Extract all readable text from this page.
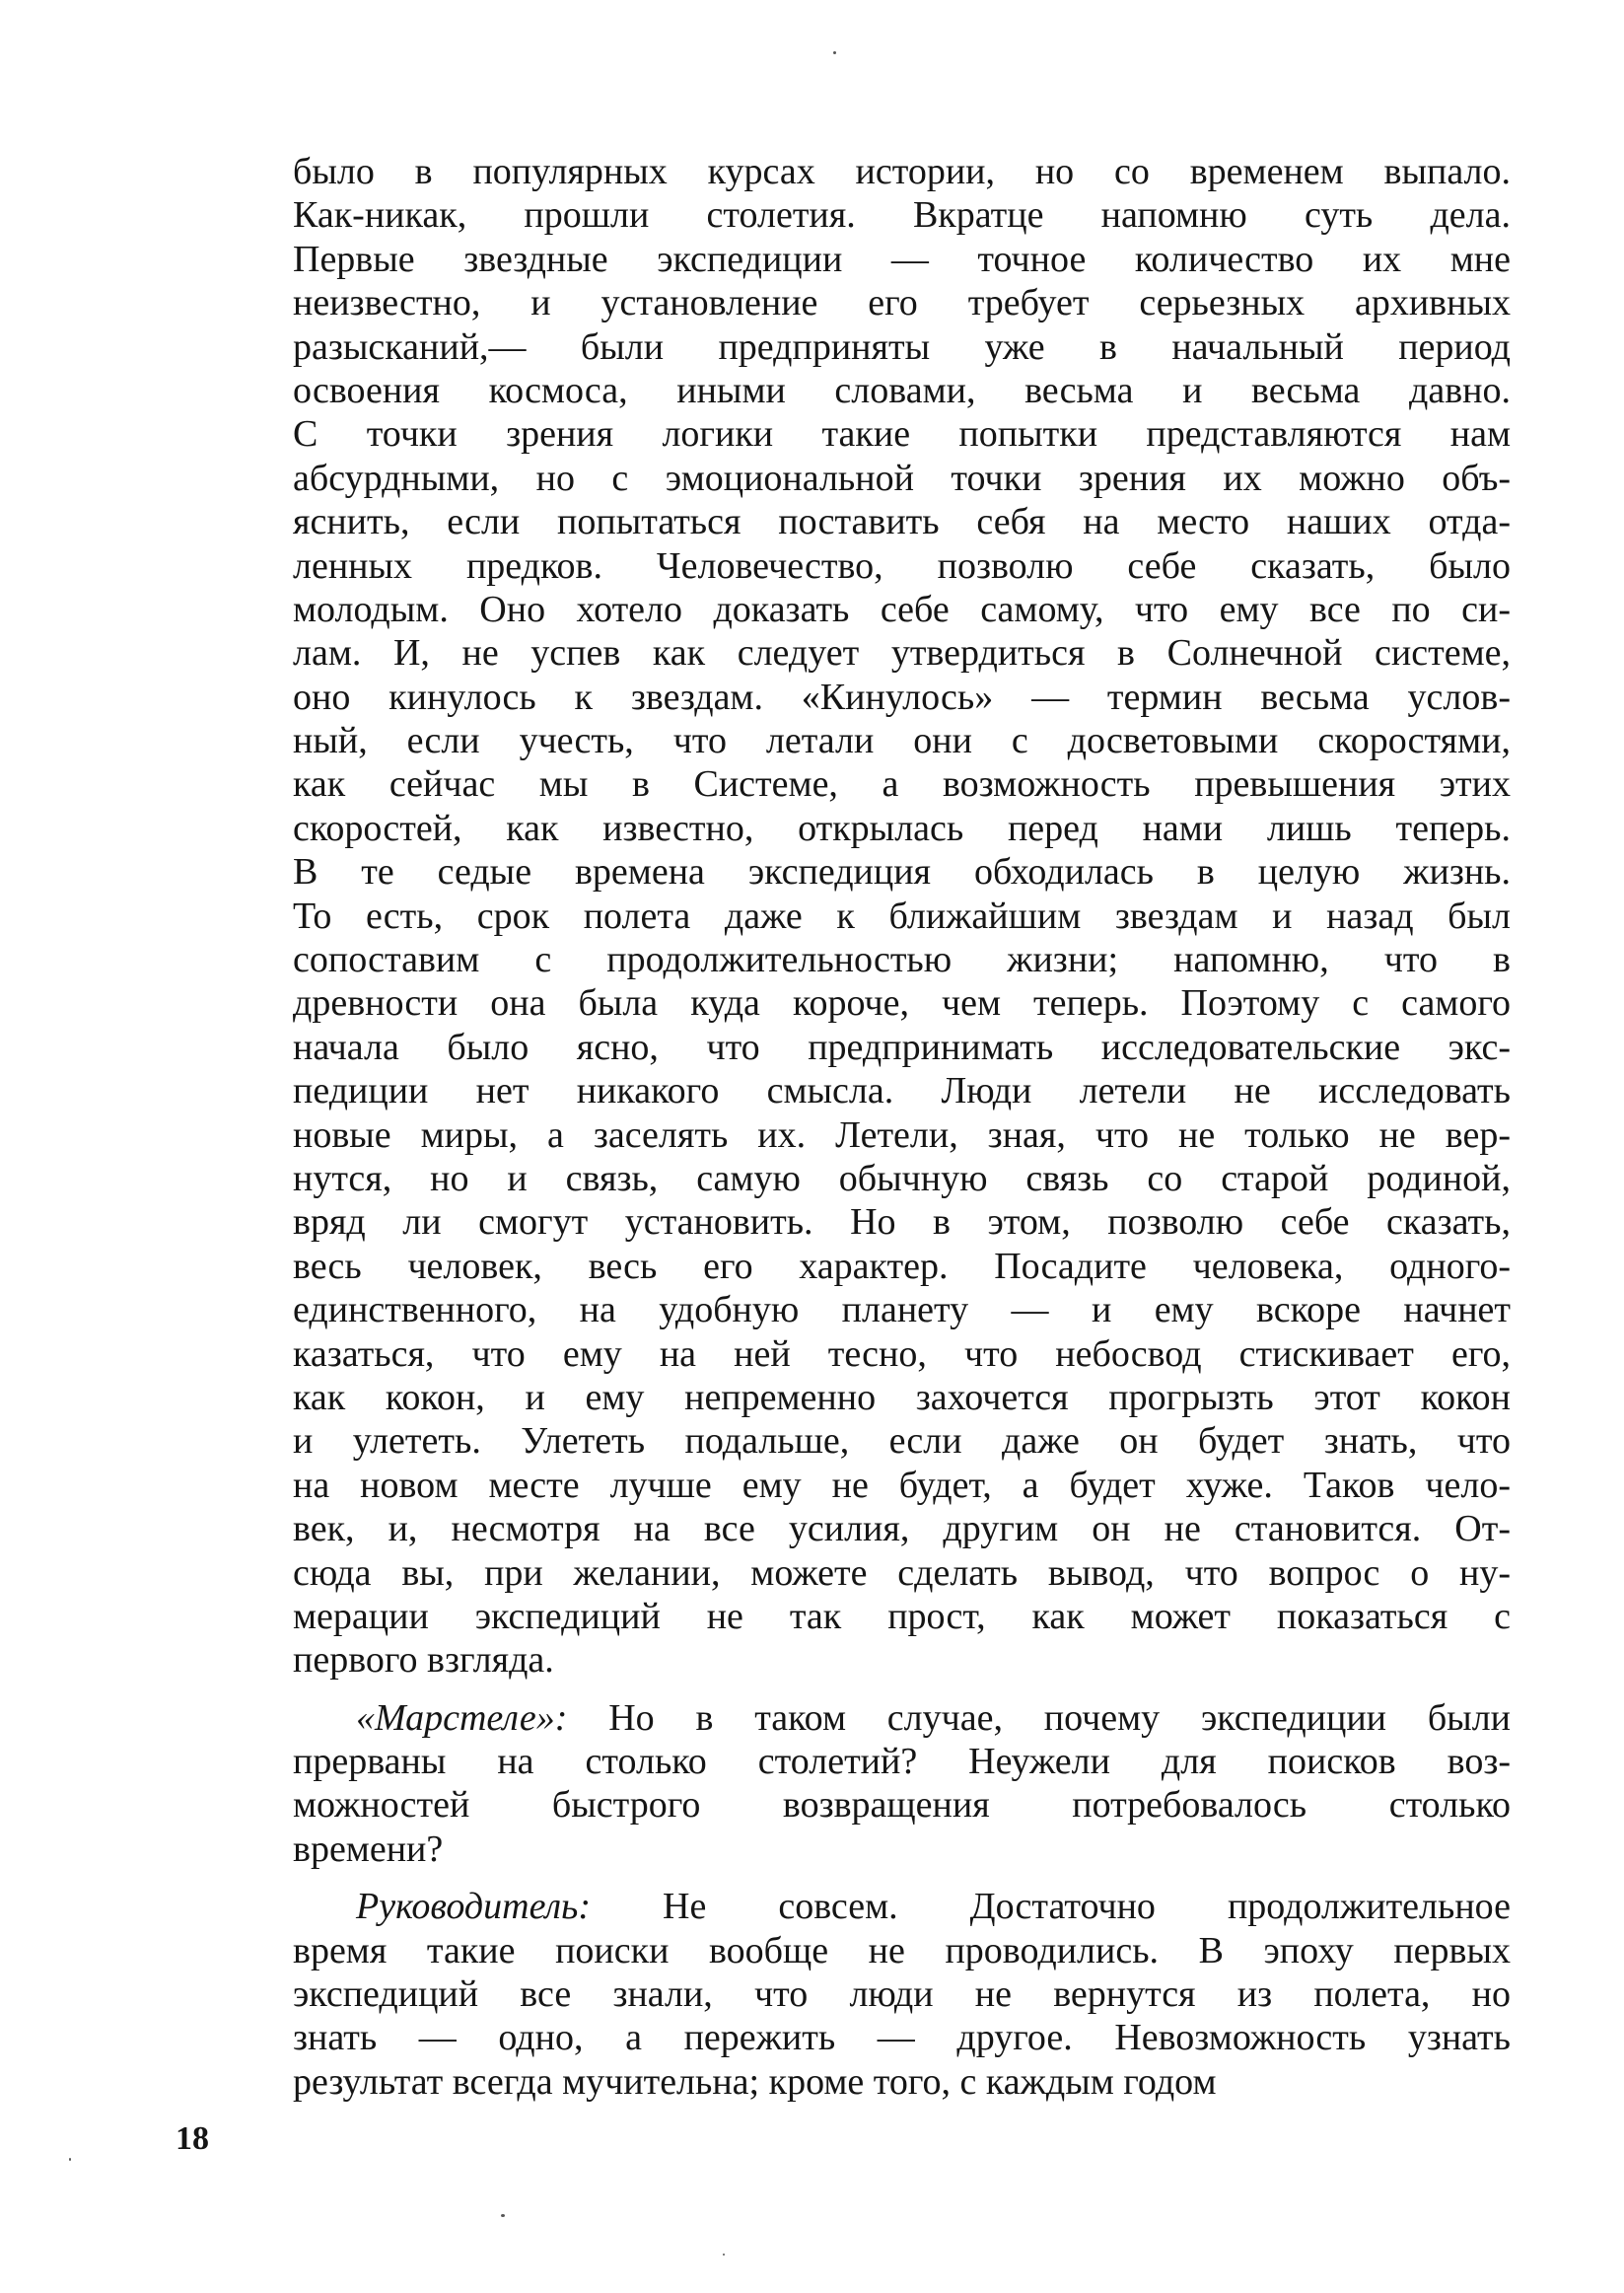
было в популярных курсах истории, но со временем выпало.
Как-никак, прошли столетия. Вкратце напомню суть дела.
Первые звездные экспедиции — точное количество их мне
неизвестно, и установление его требует серьезных архивных
разысканий,— были предприняты уже в начальный период
освоения космоса, иными словами, весьма и весьма давно.
С точки зрения логики такие попытки представляются нам
абсурдными, но с эмоциональной точки зрения их можно объ-
яснить, если попытаться поставить себя на место наших отда-
ленных предков. Человечество, позволю себе сказать, было
молодым. Оно хотело доказать себе самому, что ему все по си-
лам. И, не успев как следует утвердиться в Солнечной системе,
оно кинулось к звездам. «Кинулось» — термин весьма услов-
ный, если учесть, что летали они с досветовыми скоростями,
как сейчас мы в Системе, а возможность превышения этих
скоростей, как известно, открылась перед нами лишь теперь.
В те седые времена экспедиция обходилась в целую жизнь.
То есть, срок полета даже к ближайшим звездам и назад был
сопоставим с продолжительностью жизни; напомню, что в
древности она была куда короче, чем теперь. Поэтому с самого
начала было ясно, что предпринимать исследовательские экс-
педиции нет никакого смысла. Люди летели не исследовать
новые миры, а заселять их. Летели, зная, что не только не вер-
нутся, но и связь, самую обычную связь со старой родиной,
вряд ли смогут установить. Но в этом, позволю себе сказать,
весь человек, весь его характер. Посадите человека, одного-
единственного, на удобную планету — и ему вскоре начнет
казаться, что ему на ней тесно, что небосвод стискивает его,
как кокон, и ему непременно захочется прогрызть этот кокон
и улететь. Улететь подальше, если даже он будет знать, что
на новом месте лучше ему не будет, а будет хуже. Таков чело-
век, и, несмотря на все усилия, другим он не становится. От-
сюда вы, при желании, можете сделать вывод, что вопрос о ну-
мерации экспедиций не так прост, как может показаться с
первого взгляда.
«Марстеле»: Но в таком случае, почему экспедиции были
прерваны на столько столетий? Неужели для поисков воз-
можностей быстрого возвращения потребовалось столько
времени?
Руководитель: Не совсем. Достаточно продолжительное
время такие поиски вообще не проводились. В эпоху первых
экспедиций все знали, что люди не вернутся из полета, но
знать — одно, а пережить — другое. Невозможность узнать
результат всегда мучительна; кроме того, с каждым годом
18
